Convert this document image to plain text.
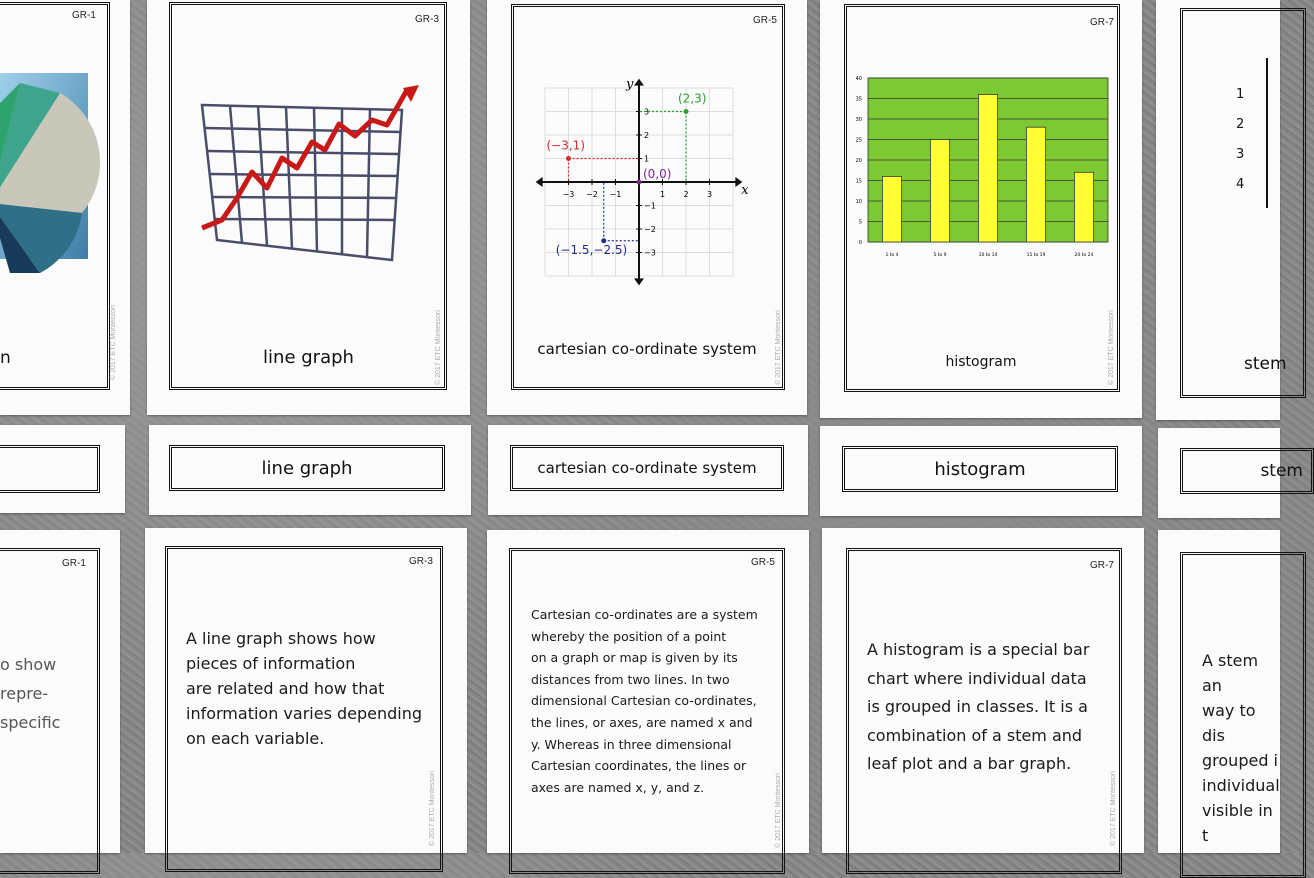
GR-1
n	© 2017 ETC Montessori
GR-3
line graph	© 2017 ETC Montessori
GR-5
x
y
−3 −2 −1	1 2 3
3
2
1
−1
−2
−3
(2,3)
(−3,1)
(0,0)
(−1.5,−2.5)
cartesian co-ordinate system	© 2017 ETC Montessori
GR-7
40
35
30
25
20
15
10
5
0
1 to 4	5 to 9	10 to 14	15 to 19	20 to 24
histogram	© 2017 ETC Montessori
1
2
3
4
stem
line graph	cartesian co-ordinate system	histogram	stem
GR-1
o show
repre-
specific
GR-3
A line graph shows how
pieces of information
are related and how that
information varies depending
on each variable.
© 2017 ETC Montessori
GR-5
Cartesian co-ordinates are a system
whereby the position of a point
on a graph or map is given by its
distances from two lines. In two
dimensional Cartesian co-ordinates,
the lines, or axes, are named x and
y. Whereas in three dimensional
Cartesian coordinates, the lines or
axes are named x, y, and z.	© 2017 ETC Montessori
GR-7
A histogram is a special bar
chart where individual data
is grouped in classes. It is a
combination of a stem and
leaf plot and a bar graph.
© 2017 ETC Montessori
A stem an
way to dis
grouped i
individual
visible in t
